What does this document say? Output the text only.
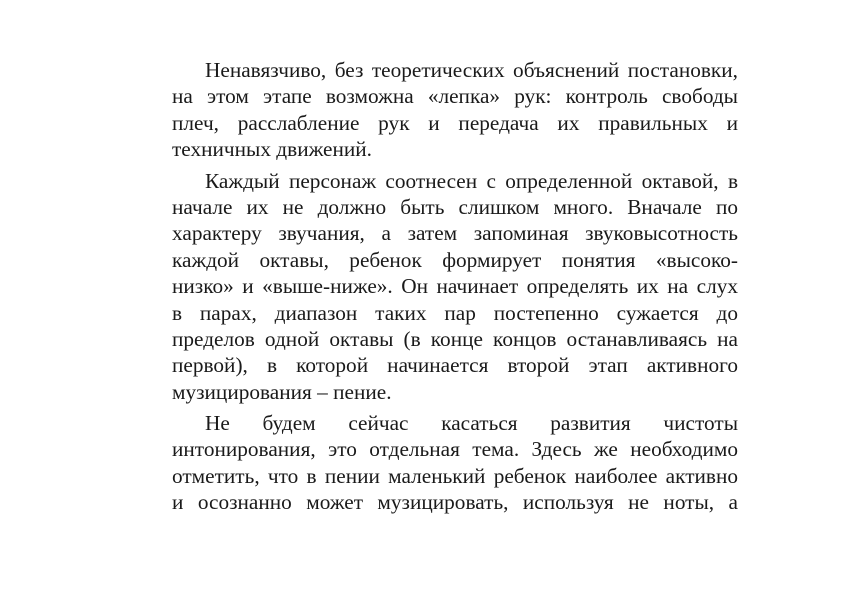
Ненавязчиво, без теоретических объяснений постановки,
на этом этапе возможна «лепка» рук: контроль свободы
плеч, расслабление рук и передача их правильных и
техничных движений.
Каждый персонаж соотнесен с определенной октавой, в
начале их не должно быть слишком много. Вначале по
характеру звучания, а затем запоминая звуковысотность
каждой октавы, ребенок формирует понятия «высоко-
низко» и «выше-ниже». Он начинает определять их на слух
в парах, диапазон таких пар постепенно сужается до
пределов одной октавы (в конце концов останавливаясь на
первой), в которой начинается второй этап активного
музицирования – пение.
Не будем сейчас касаться развития чистоты
интонирования, это отдельная тема. Здесь же необходимо
отметить, что в пении маленький ребенок наиболее активно
и осознанно может музицировать, используя не ноты, а
